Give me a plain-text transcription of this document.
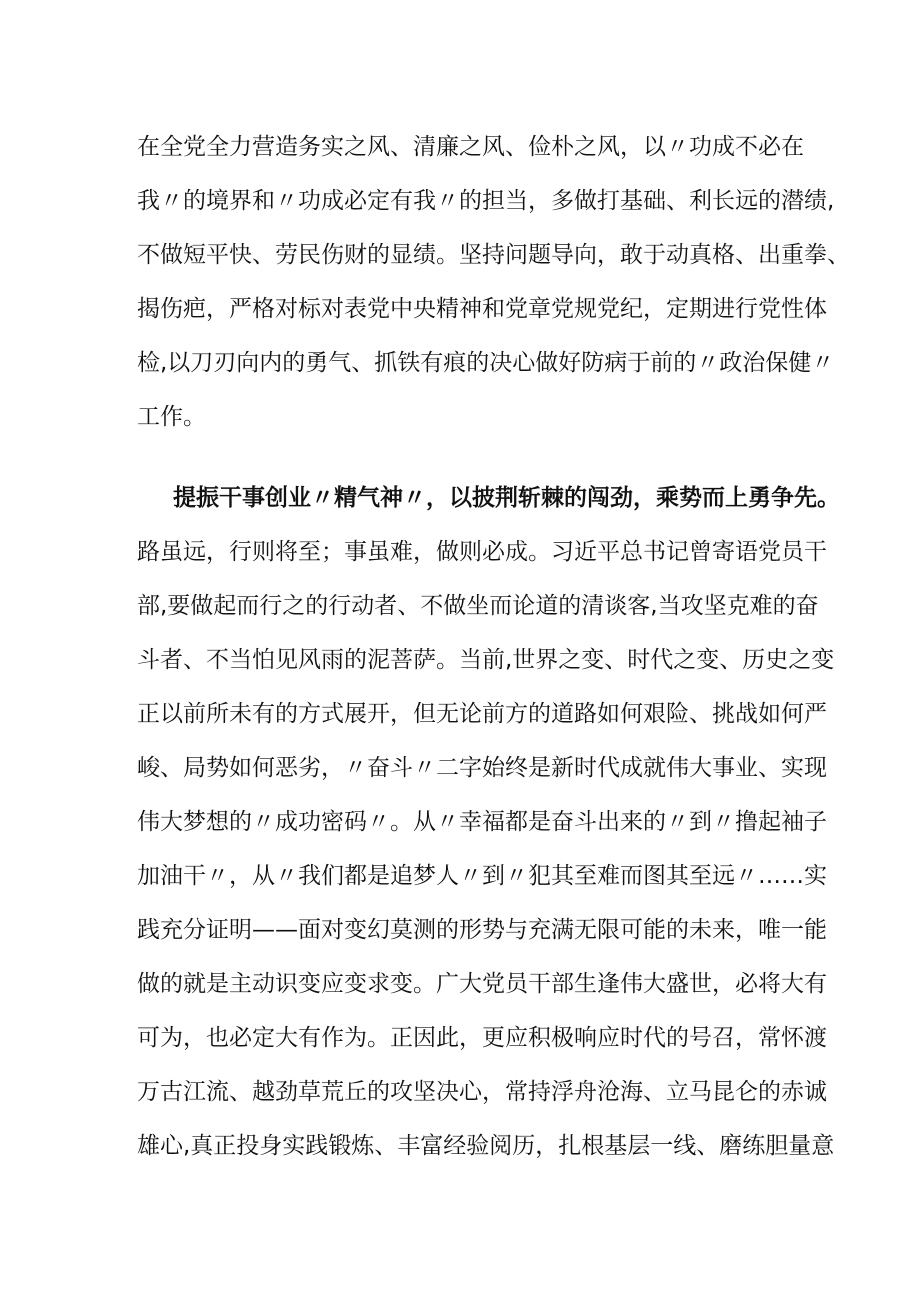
在全党全力营造务实之风、清廉之风、俭朴之风，以〃功成不必在
我〃的境界和〃功成必定有我〃的担当，多做打基础、利长远的潜绩,
不做短平快、劳民伤财的显绩。坚持问题导向，敢于动真格、出重拳、
揭伤疤，严格对标对表党中央精神和党章党规党纪，定期进行党性体
检,以刀刃向内的勇气、抓铁有痕的决心做好防病于前的〃政治保健〃
工作。
提振干事创业〃精气神〃，以披荆斩棘的闯劲，乘势而上勇争先。
路虽远，行则将至；事虽难，做则必成。习近平总书记曾寄语党员干
部,要做起而行之的行动者、不做坐而论道的清谈客,当攻坚克难的奋
斗者、不当怕见风雨的泥菩萨。当前,世界之变、时代之变、历史之变
正以前所未有的方式展开，但无论前方的道路如何艰险、挑战如何严
峻、局势如何恶劣，〃奋斗〃二字始终是新时代成就伟大事业、实现
伟大梦想的〃成功密码〃。从〃幸福都是奋斗出来的〃到〃撸起袖子
加油干〃，从〃我们都是追梦人〃到〃犯其至难而图其至远〃……实
践充分证明——面对变幻莫测的形势与充满无限可能的未来，唯一能
做的就是主动识变应变求变。广大党员干部生逢伟大盛世，必将大有
可为，也必定大有作为。正因此，更应积极响应时代的号召，常怀渡
万古江流、越劲草荒丘的攻坚决心，常持浮舟沧海、立马昆仑的赤诚
雄心,真正投身实践锻炼、丰富经验阅历，扎根基层一线、磨练胆量意
